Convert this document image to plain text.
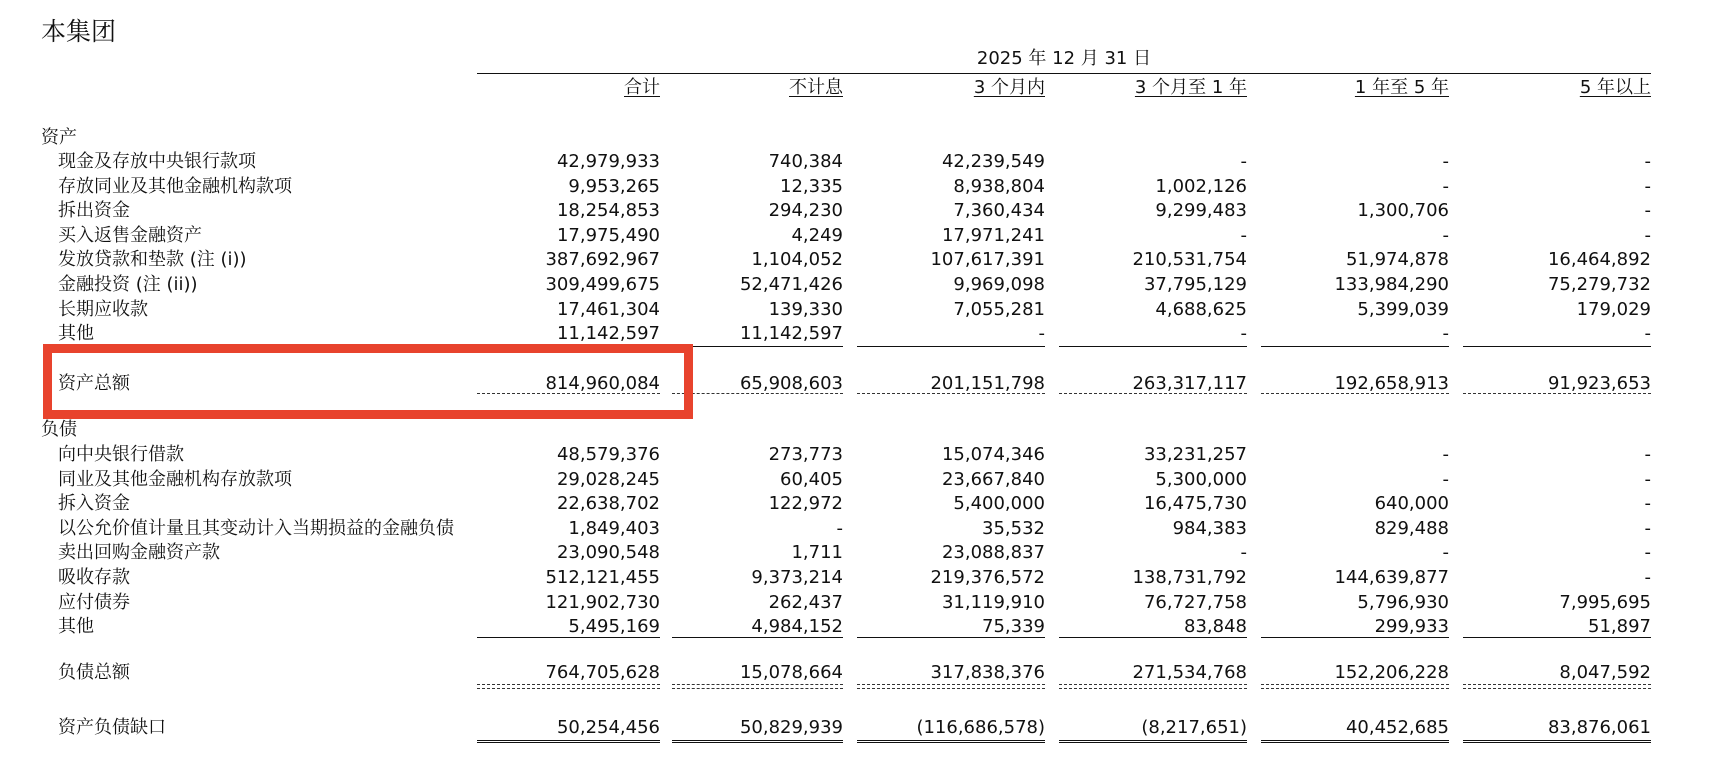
本集团
2025 年 12 月 31 日
合计	不计息	3 个月内	3 个月至 1 年	1 年至 5 年	5 年以上
资产
现金及存放中央银行款项	42,979,933	740,384	42,239,549	-	-	-
存放同业及其他金融机构款项	9,953,265	12,335	8,938,804	1,002,126	-	-
拆出资金	18,254,853	294,230	7,360,434	9,299,483	1,300,706	-
买入返售金融资产	17,975,490	4,249	17,971,241	-	-	-
发放贷款和垫款 (注 (i))	387,692,967	1,104,052	107,617,391	210,531,754	51,974,878	16,464,892
金融投资 (注 (ii))	309,499,675	52,471,426	9,969,098	37,795,129	133,984,290	75,279,732
长期应收款	17,461,304	139,330	7,055,281	4,688,625	5,399,039	179,029
其他	11,142,597	11,142,597	-	-	-	-
资产总额	814,960,084	65,908,603	201,151,798	263,317,117	192,658,913	91,923,653
负债
向中央银行借款	48,579,376	273,773	15,074,346	33,231,257	-	-
同业及其他金融机构存放款项	29,028,245	60,405	23,667,840	5,300,000	-	-
拆入资金	22,638,702	122,972	5,400,000	16,475,730	640,000	-
以公允价值计量且其变动计入当期损益的金融负债	1,849,403	-	35,532	984,383	829,488	-
卖出回购金融资产款	23,090,548	1,711	23,088,837	-	-	-
吸收存款	512,121,455	9,373,214	219,376,572	138,731,792	144,639,877	-
应付债券	121,902,730	262,437	31,119,910	76,727,758	5,796,930	7,995,695
其他	5,495,169	4,984,152	75,339	83,848	299,933	51,897
负债总额	764,705,628	15,078,664	317,838,376	271,534,768	152,206,228	8,047,592
资产负债缺口	50,254,456	50,829,939	(116,686,578)	(8,217,651)	40,452,685	83,876,061
